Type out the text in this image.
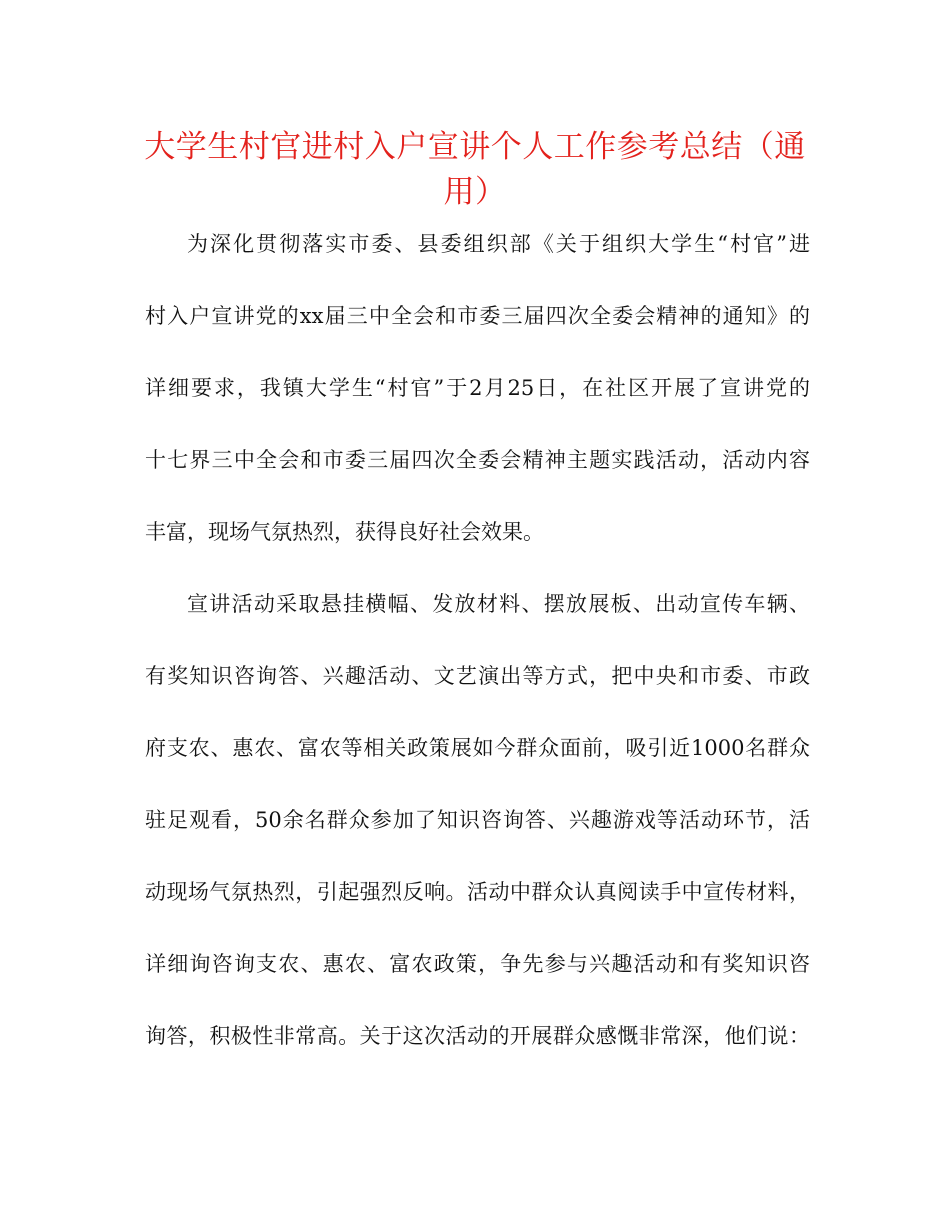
大学生村官进村入户宣讲个人工作参考总结（通用）
为深化贯彻落实市委、县委组织部《关于组织大学生“村官”进
村入户宣讲党的xx届三中全会和市委三届四次全委会精神的通知》的
详细要求，我镇大学生“村官”于2月25日，在社区开展了宣讲党的
十七界三中全会和市委三届四次全委会精神主题实践活动，活动内容
丰富，现场气氛热烈，获得良好社会效果。
宣讲活动采取悬挂横幅、发放材料、摆放展板、出动宣传车辆、
有奖知识咨询答、兴趣活动、文艺演出等方式，把中央和市委、市政
府支农、惠农、富农等相关政策展如今群众面前，吸引近1000名群众
驻足观看，50余名群众参加了知识咨询答、兴趣游戏等活动环节，活
动现场气氛热烈，引起强烈反响。活动中群众认真阅读手中宣传材料，
详细询咨询支农、惠农、富农政策，争先参与兴趣活动和有奖知识咨
询答，积极性非常高。关于这次活动的开展群众感慨非常深，他们说：
